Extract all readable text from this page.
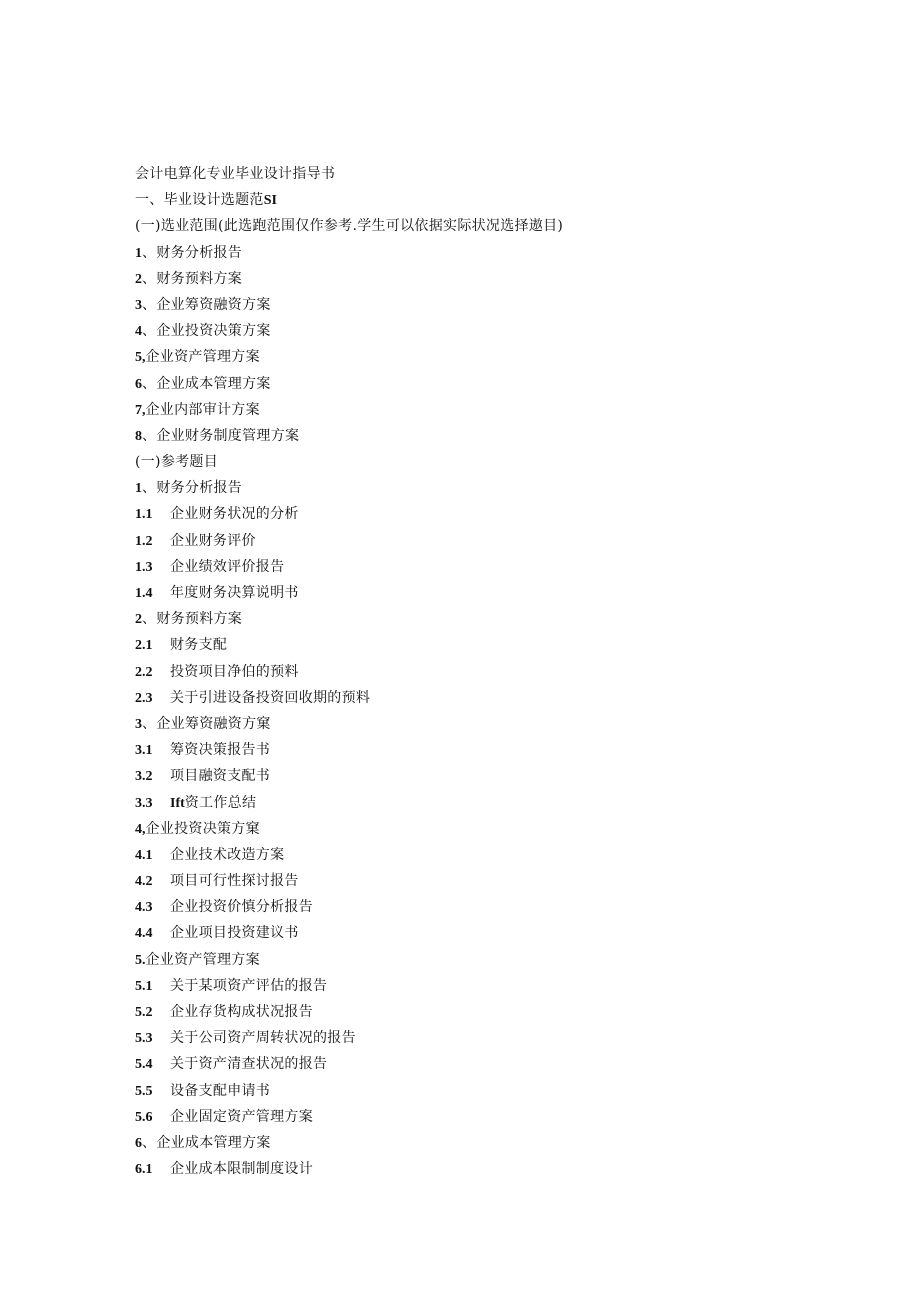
会计电算化专业毕业设计指导书
一、毕业设计选题范SI
(一)选业范围(此选跑范围仅作参考.学生可以依据实际状况选择遨目)
1、财务分析报告
2、财务预料方案
3、企业筹资融资方案
4、企业投资决策方案
5,企业资产管理方案
6、企业成本管理方案
7,企业内部审计方案
8、企业财务制度管理方案
(一)参考题目
1、财务分析报告
1.1 企业财务状况的分析
1.2 企业财务评价
1.3 企业绩效评价报告
1.4 年度财务决算说明书
2、财务预料方案
2.1 财务支配
2.2 投资项目净伯的预料
2.3 关于引进设备投资回收期的预料
3、企业筹资融资方窠
3.1 筹资决策报告书
3.2 项目融资支配书
3.3 Ift资工作总结
4,企业投资决策方窠
4.1 企业技术改造方案
4.2 项目可行性探讨报告
4.3 企业投资价慎分析报告
4.4 企业项目投资建议书
5.企业资产管理方案
5.1 关于某项资产评估的报告
5.2 企业存货构成状况报告
5.3 关于公司资产周转状况的报告
5.4 关于资产清查状况的报告
5.5 设备支配申请书
5.6 企业固定资产管理方案
6、企业成本管理方案
6.1 企业成本限制制度设计
